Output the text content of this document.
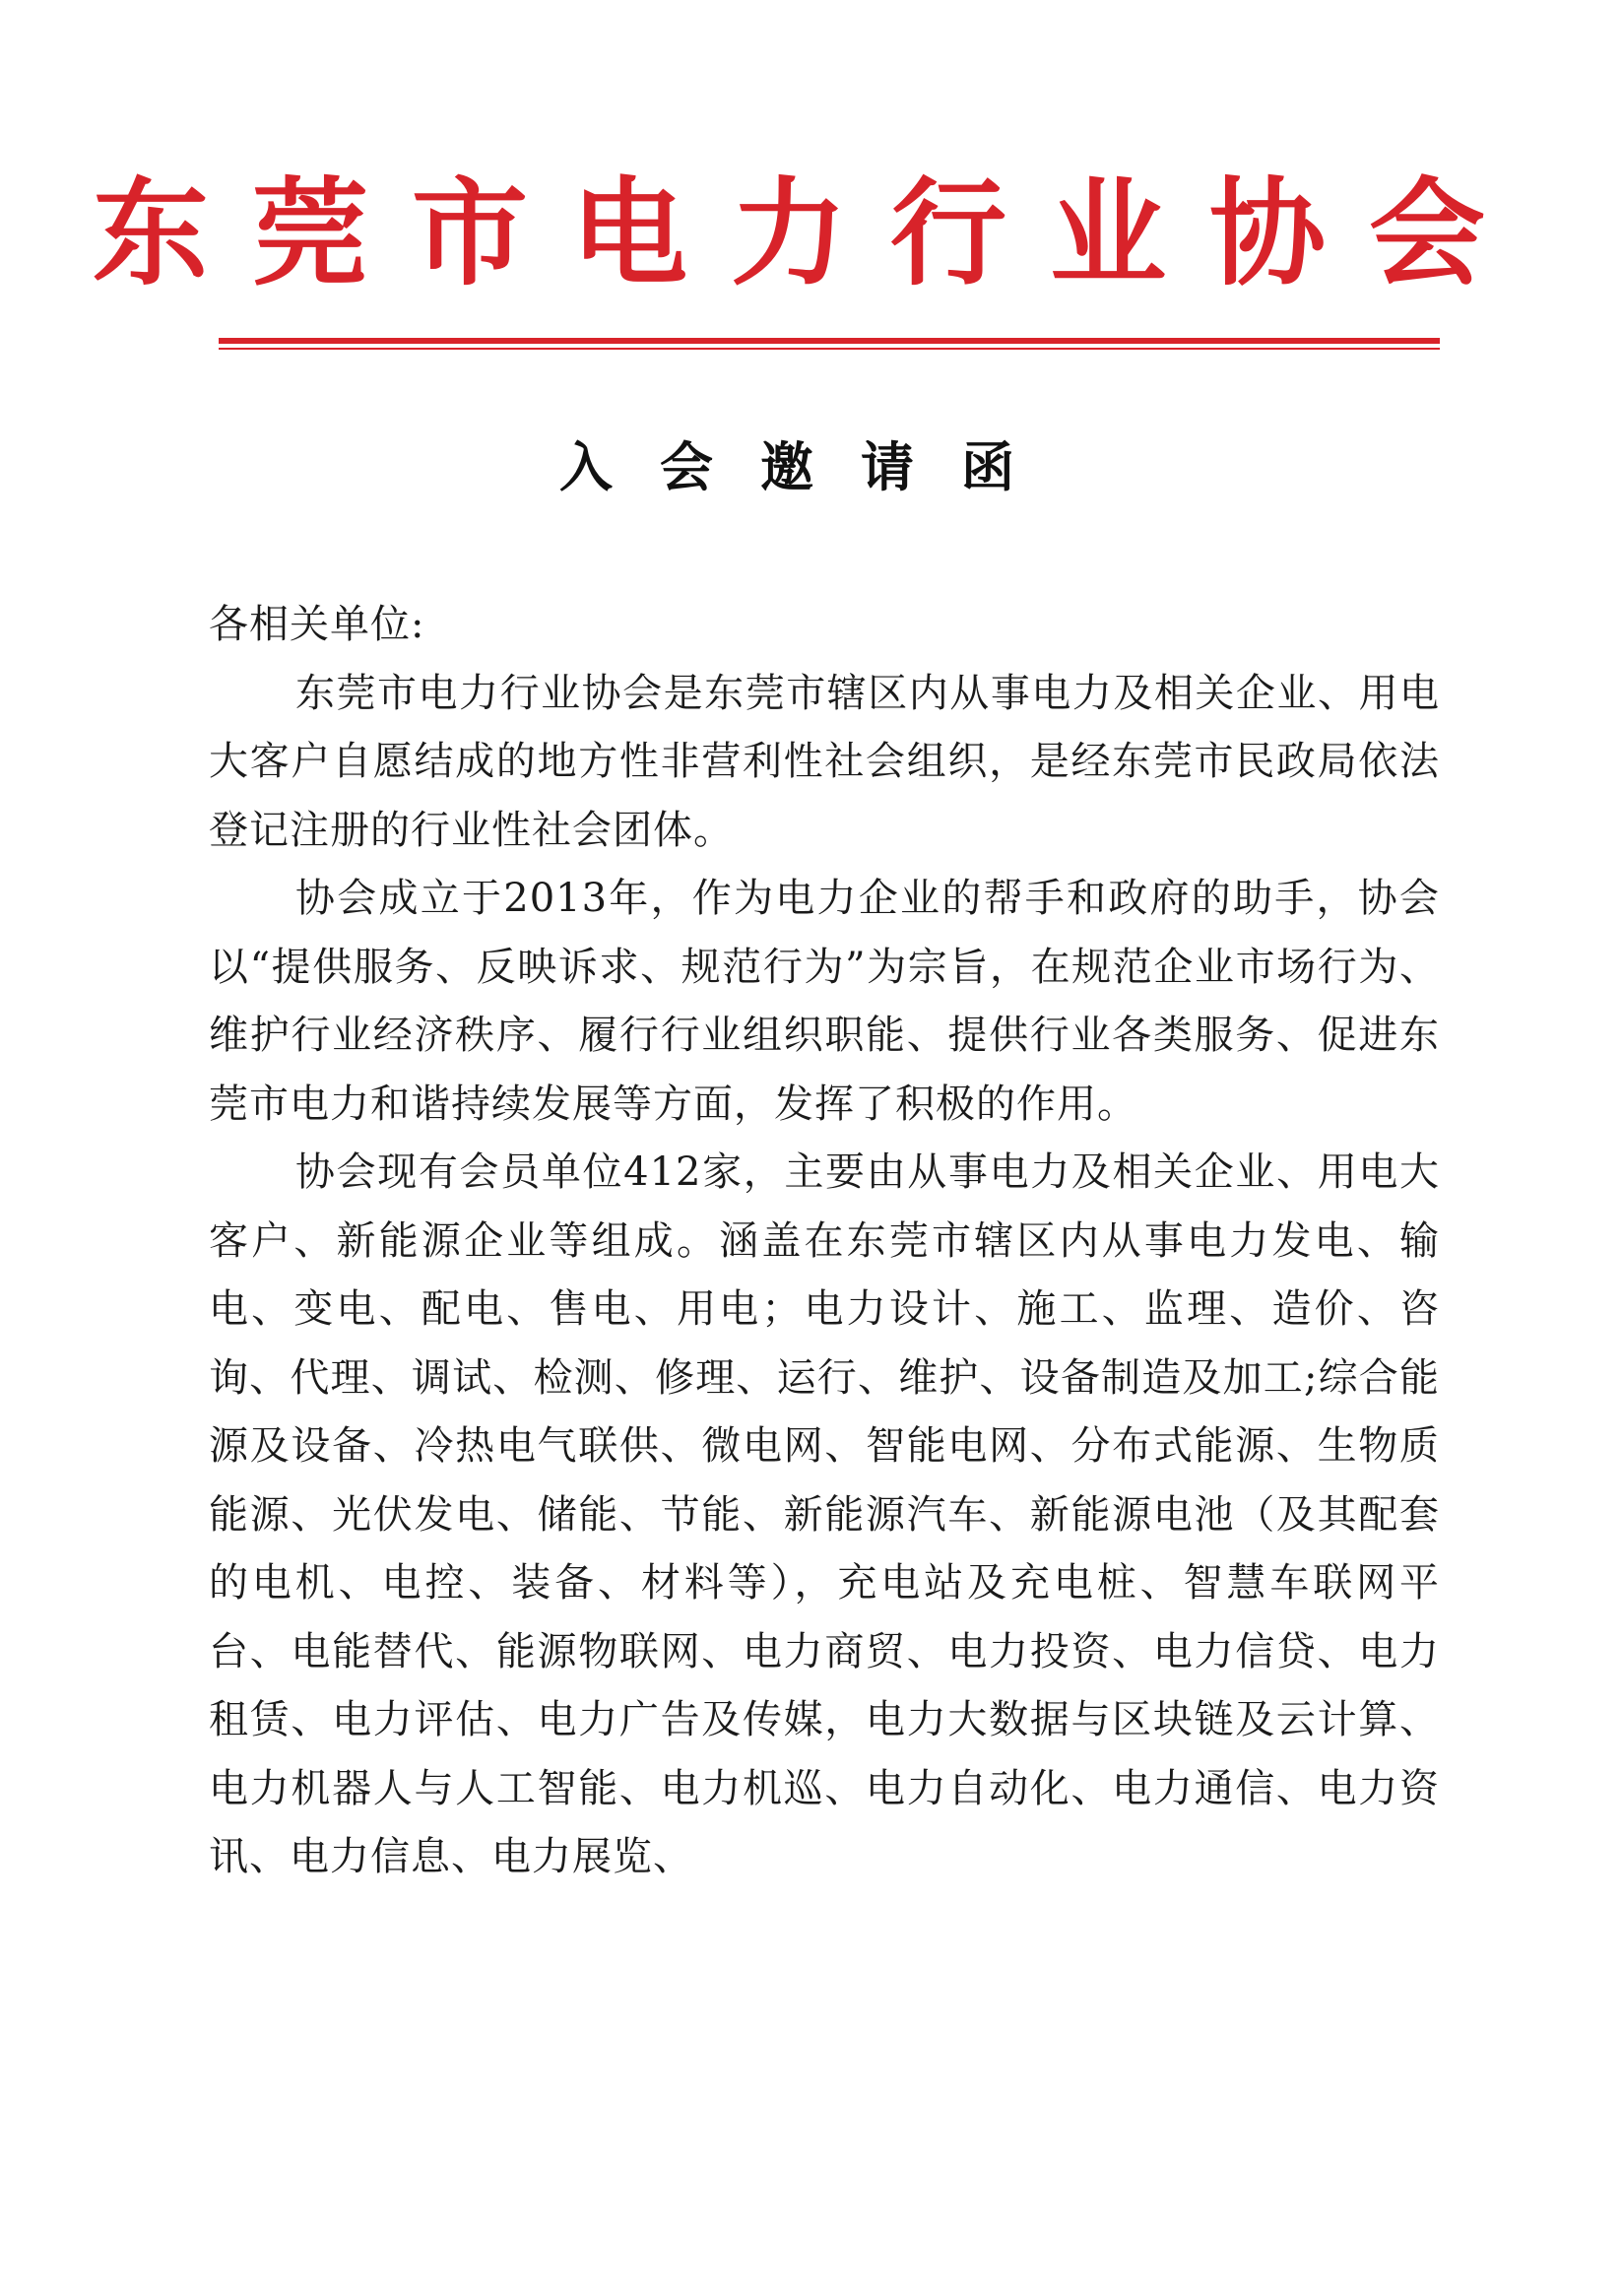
东莞市电力行业协会
入会邀请函

各相关单位:

东莞市电力行业协会是东莞市辖区内从事电力及相关企业、用电大客户自愿结成的地方性非营利性社会组织，是经东莞市民政局依法登记注册的行业性社会团体。

协会成立于2013年，作为电力企业的帮手和政府的助手，协会以“提供服务、反映诉求、规范行为”为宗旨，在规范企业市场行为、维护行业经济秩序、履行行业组织职能、提供行业各类服务、促进东莞市电力和谐持续发展等方面，发挥了积极的作用。

协会现有会员单位412家，主要由从事电力及相关企业、用电大客户、新能源企业等组成。涵盖在东莞市辖区内从事电力发电、输电、变电、配电、售电、用电；电力设计、施工、监理、造价、咨询、代理、调试、检测、修理、运行、维护、设备制造及加工;综合能源及设备、冷热电气联供、微电网、智能电网、分布式能源、生物质能源、光伏发电、储能、节能、新能源汽车、新能源电池（及其配套的电机、电控、装备、材料等），充电站及充电桩、智慧车联网平台、电能替代、能源物联网、电力商贸、电力投资、电力信贷、电力租赁、电力评估、电力广告及传媒，电力大数据与区块链及云计算、电力机器人与人工智能、电力机巡、电力自动化、电力通信、电力资讯、电力信息、电力展览、
